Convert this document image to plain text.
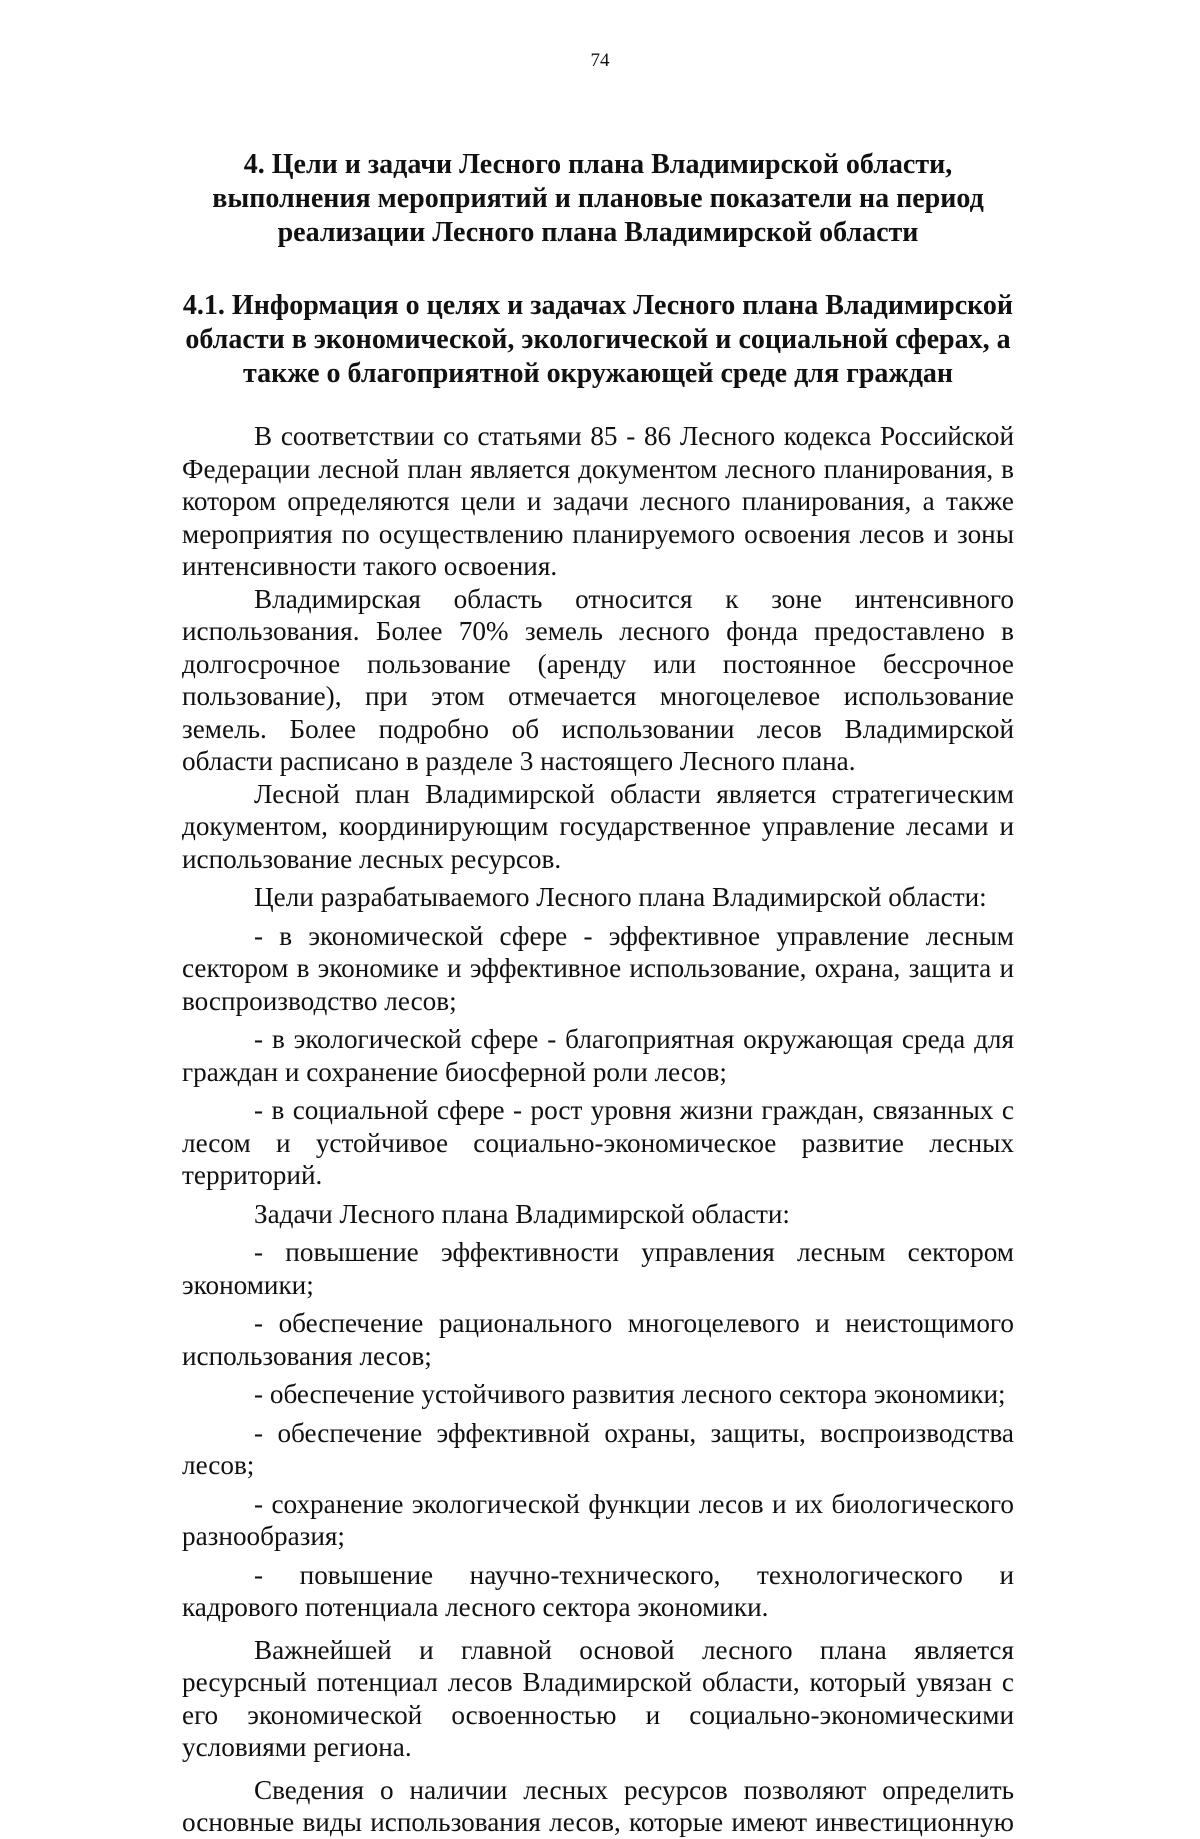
74
4. Цели и задачи Лесного плана Владимирской области, выполнения мероприятий и плановые показатели на период реализации Лесного плана Владимирской области
4.1. Информация о целях и задачах Лесного плана Владимирской области в экономической, экологической и социальной сферах, а также о благоприятной окружающей среде для граждан

В соответствии со статьями 85 - 86 Лесного кодекса Российской Федерации лесной план является документом лесного планирования, в котором определяются цели и задачи лесного планирования, а также мероприятия по осуществлению планируемого освоения лесов и зоны интенсивности такого освоения.

Владимирская область относится к зоне интенсивного использования. Более 70% земель лесного фонда предоставлено в долгосрочное пользование (аренду или постоянное бессрочное пользование), при этом отмечается многоцелевое использование земель. Более подробно об использовании лесов Владимирской области расписано в разделе 3 настоящего Лесного плана.

Лесной план Владимирской области является стратегическим документом, координирующим государственное управление лесами и использование лесных ресурсов.

Цели разрабатываемого Лесного плана Владимирской области:

- в экономической сфере - эффективное управление лесным сектором в экономике и эффективное использование, охрана, защита и воспроизводство лесов;

- в экологической сфере - благоприятная окружающая среда для граждан и сохранение биосферной роли лесов;

- в социальной сфере - рост уровня жизни граждан, связанных с лесом и устойчивое социально-экономическое развитие лесных территорий.

Задачи Лесного плана Владимирской области:

- повышение эффективности управления лесным сектором экономики;

- обеспечение рационального многоцелевого и неистощимого использования лесов;

- обеспечение устойчивого развития лесного сектора экономики;

- обеспечение эффективной охраны, защиты, воспроизводства лесов;

- сохранение экологической функции лесов и их биологического разнообразия;

- повышение научно-технического, технологического и кадрового потенциала лесного сектора экономики.

Важнейшей и главной основой лесного плана является ресурсный потенциал лесов Владимирской области, который увязан с его экономической освоенностью и социально-экономическими условиями региона.

Сведения о наличии лесных ресурсов позволяют определить основные виды использования лесов, которые имеют инвестиционную
